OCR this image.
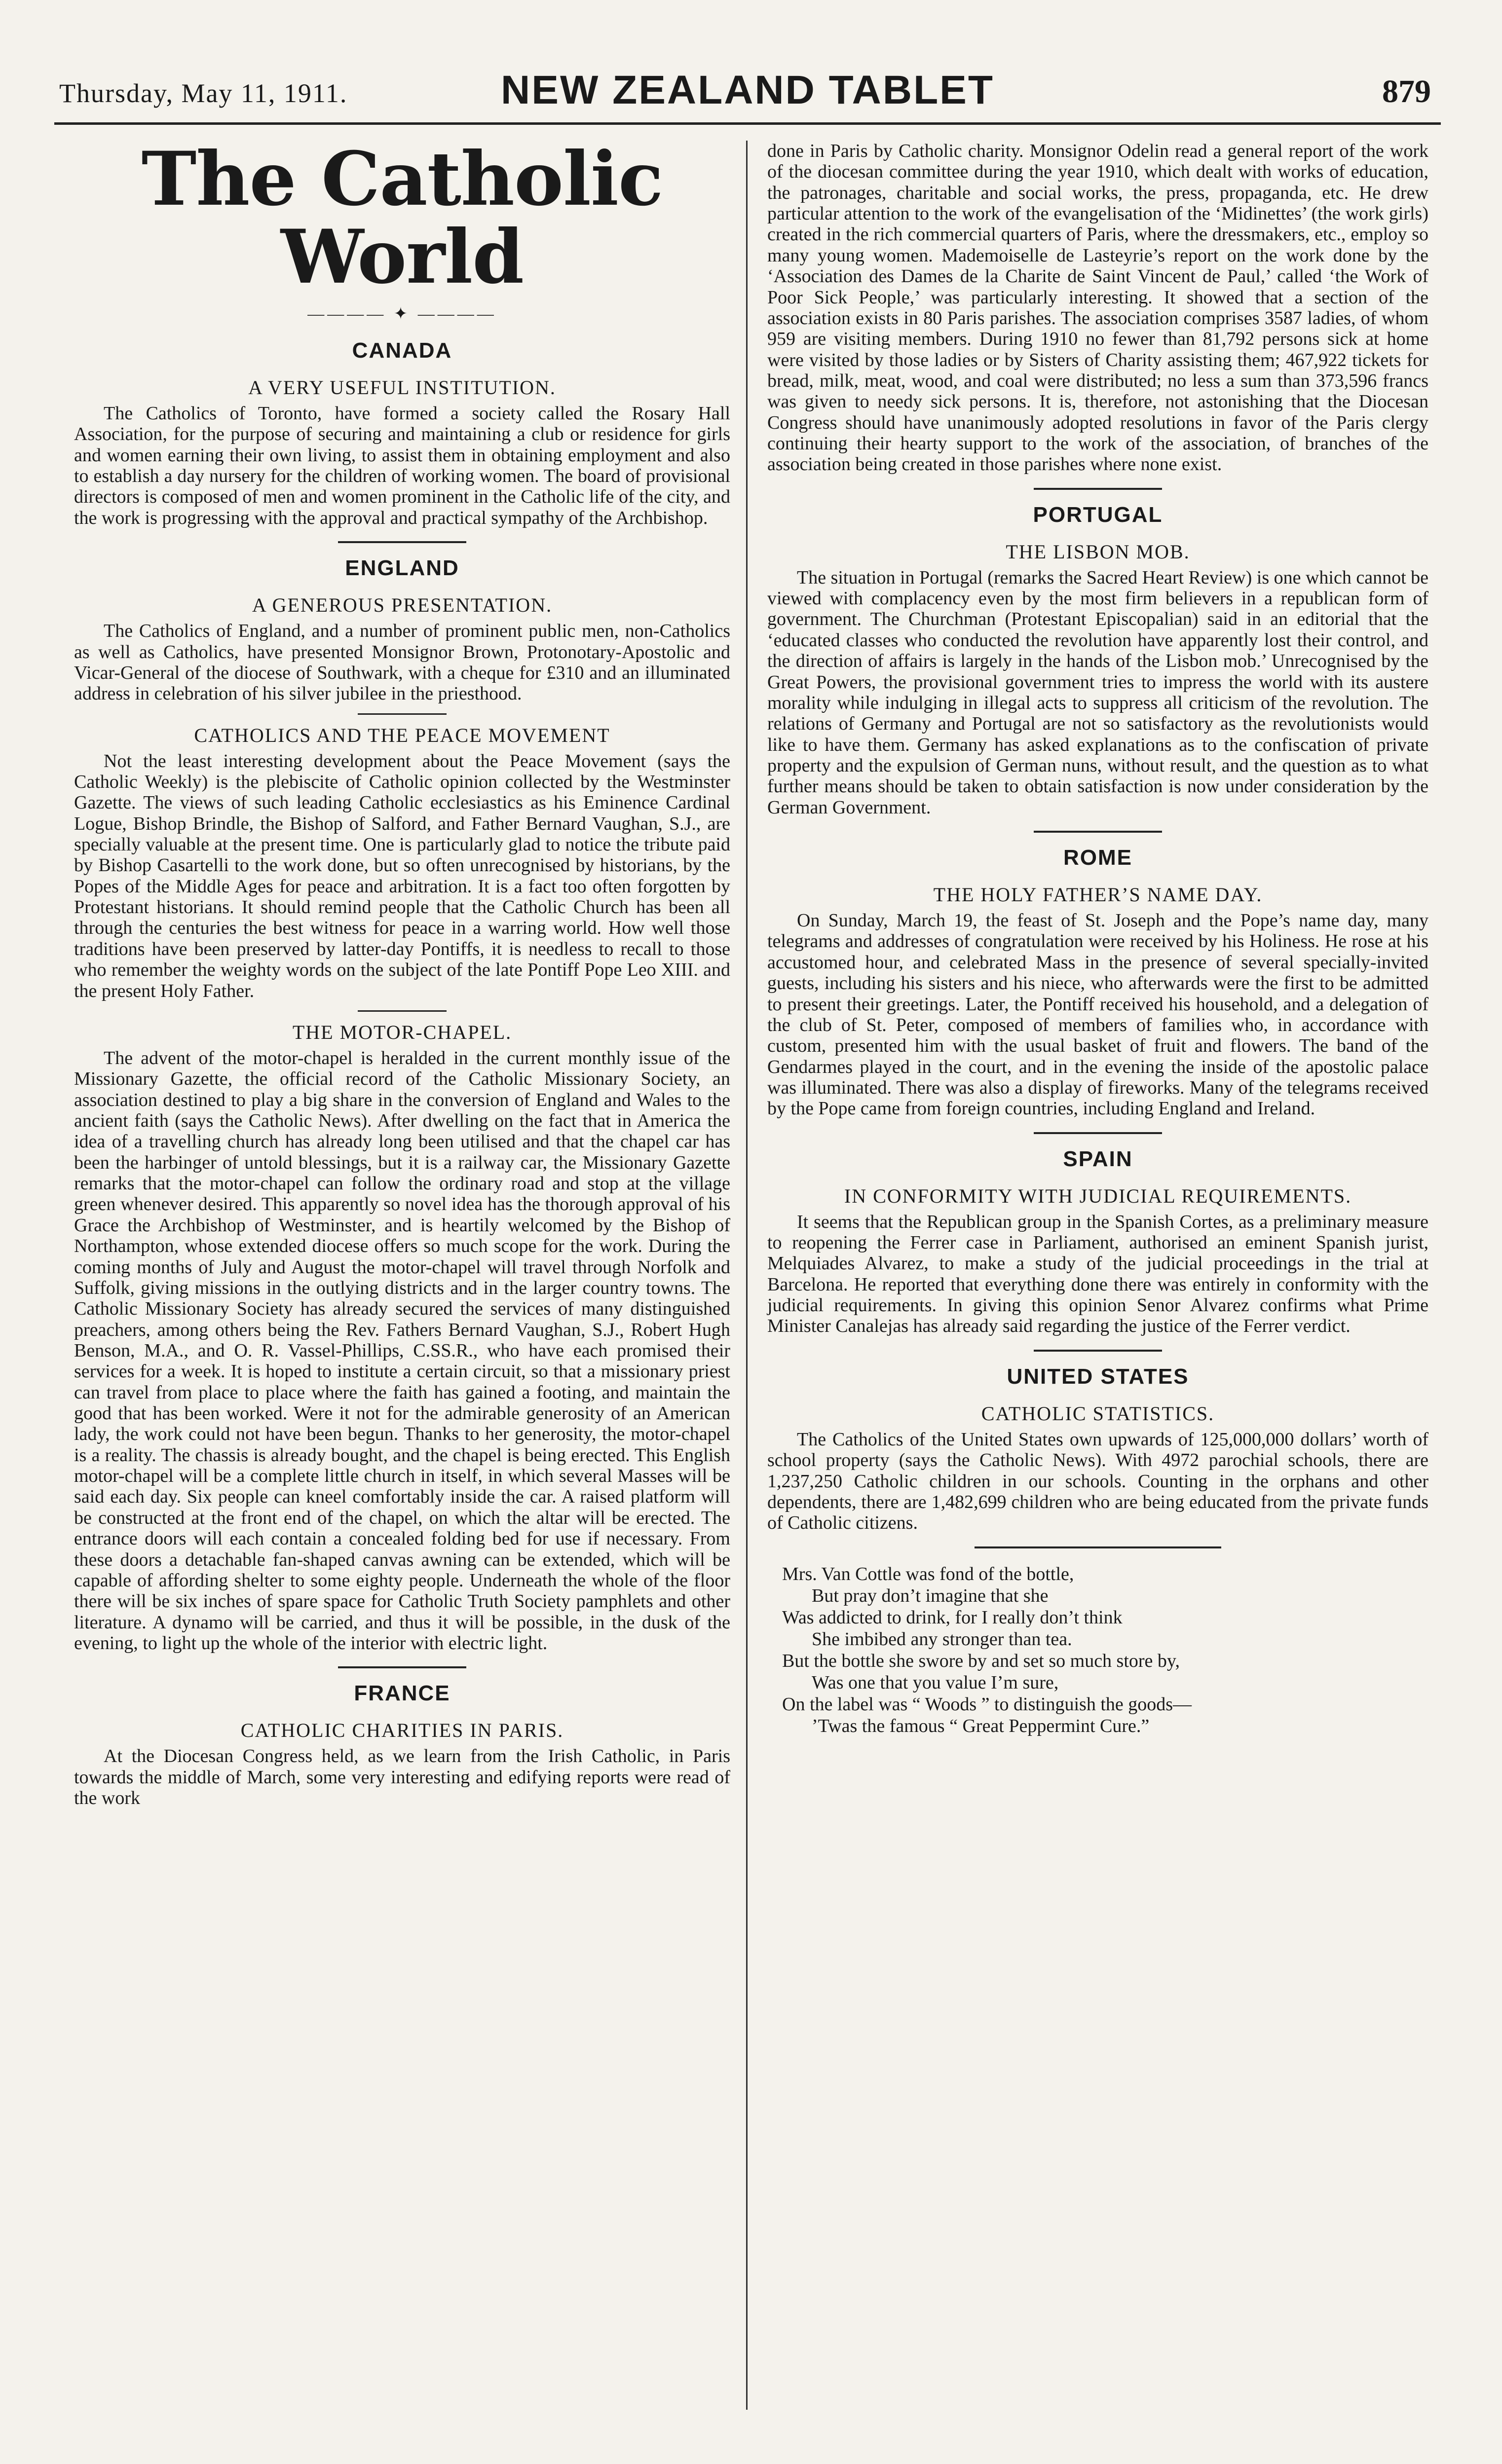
Thursday, May 11, 1911.	NEW ZEALAND TABLET	879
The Catholic World
———— ✦ ————
CANADA
A VERY USEFUL INSTITUTION.

The Catholics of Toronto, have formed a society called the Rosary Hall Association, for the purpose of securing and maintaining a club or residence for girls and women earning their own living, to assist them in obtaining employment and also to establish a day nursery for the children of working women. The board of provisional directors is composed of men and women prominent in the Catholic life of the city, and the work is progressing with the approval and practical sympathy of the Archbishop.

ENGLAND
A GENEROUS PRESENTATION.

The Catholics of England, and a number of prominent public men, non-Catholics as well as Catholics, have presented Monsignor Brown, Protonotary-Apostolic and Vicar-General of the diocese of Southwark, with a cheque for £310 and an illuminated address in celebration of his silver jubilee in the priesthood.

CATHOLICS AND THE PEACE MOVEMENT

Not the least interesting development about the Peace Movement (says the Catholic Weekly) is the plebiscite of Catholic opinion collected by the Westminster Gazette. The views of such leading Catholic ecclesiastics as his Eminence Cardinal Logue, Bishop Brindle, the Bishop of Salford, and Father Bernard Vaughan, S.J., are specially valuable at the present time. One is particularly glad to notice the tribute paid by Bishop Casartelli to the work done, but so often unrecognised by historians, by the Popes of the Middle Ages for peace and arbitration. It is a fact too often forgotten by Protestant historians. It should remind people that the Catholic Church has been all through the centuries the best witness for peace in a warring world. How well those traditions have been preserved by latter-day Pontiffs, it is needless to recall to those who remember the weighty words on the subject of the late Pontiff Pope Leo XIII. and the present Holy Father.

THE MOTOR-CHAPEL.

The advent of the motor-chapel is heralded in the current monthly issue of the Missionary Gazette, the official record of the Catholic Missionary Society, an association destined to play a big share in the conversion of England and Wales to the ancient faith (says the Catholic News). After dwelling on the fact that in America the idea of a travelling church has already long been utilised and that the chapel car has been the harbinger of untold blessings, but it is a railway car, the Missionary Gazette remarks that the motor-chapel can follow the ordinary road and stop at the village green whenever desired. This apparently so novel idea has the thorough approval of his Grace the Archbishop of Westminster, and is heartily welcomed by the Bishop of Northampton, whose extended diocese offers so much scope for the work. During the coming months of July and August the motor-chapel will travel through Norfolk and Suffolk, giving missions in the outlying districts and in the larger country towns. The Catholic Missionary Society has already secured the services of many distinguished preachers, among others being the Rev. Fathers Bernard Vaughan, S.J., Robert Hugh Benson, M.A., and O. R. Vassel-Phillips, C.SS.R., who have each promised their services for a week. It is hoped to institute a certain circuit, so that a missionary priest can travel from place to place where the faith has gained a footing, and maintain the good that has been worked. Were it not for the admirable generosity of an American lady, the work could not have been begun. Thanks to her generosity, the motor-chapel is a reality. The chassis is already bought, and the chapel is being erected. This English motor-chapel will be a complete little church in itself, in which several Masses will be said each day. Six people can kneel comfortably inside the car. A raised platform will be constructed at the front end of the chapel, on which the altar will be erected. The entrance doors will each contain a concealed folding bed for use if necessary. From these doors a detachable fan-shaped canvas awning can be extended, which will be capable of affording shelter to some eighty people. Underneath the whole of the floor there will be six inches of spare space for Catholic Truth Society pamphlets and other literature. A dynamo will be carried, and thus it will be possible, in the dusk of the evening, to light up the whole of the interior with electric light.

FRANCE
CATHOLIC CHARITIES IN PARIS.

At the Diocesan Congress held, as we learn from the Irish Catholic, in Paris towards the middle of March, some very interesting and edifying reports were read of the work

done in Paris by Catholic charity. Monsignor Odelin read a general report of the work of the diocesan committee during the year 1910, which dealt with works of education, the patronages, charitable and social works, the press, propaganda, etc. He drew particular attention to the work of the evangelisation of the ‘Midinettes’ (the work girls) created in the rich commercial quarters of Paris, where the dressmakers, etc., employ so many young women. Mademoiselle de Lasteyrie’s report on the work done by the ‘Association des Dames de la Charite de Saint Vincent de Paul,’ called ‘the Work of Poor Sick People,’ was particularly interesting. It showed that a section of the association exists in 80 Paris parishes. The association comprises 3587 ladies, of whom 959 are visiting members. During 1910 no fewer than 81,792 persons sick at home were visited by those ladies or by Sisters of Charity assisting them; 467,922 tickets for bread, milk, meat, wood, and coal were distributed; no less a sum than 373,596 francs was given to needy sick persons. It is, therefore, not astonishing that the Diocesan Congress should have unanimously adopted resolutions in favor of the Paris clergy continuing their hearty support to the work of the association, of branches of the association being created in those parishes where none exist.

PORTUGAL
THE LISBON MOB.

The situation in Portugal (remarks the Sacred Heart Review) is one which cannot be viewed with complacency even by the most firm believers in a republican form of government. The Churchman (Protestant Episcopalian) said in an editorial that the ‘educated classes who conducted the revolution have apparently lost their control, and the direction of affairs is largely in the hands of the Lisbon mob.’ Unrecognised by the Great Powers, the provisional government tries to impress the world with its austere morality while indulging in illegal acts to suppress all criticism of the revolution. The relations of Germany and Portugal are not so satisfactory as the revolutionists would like to have them. Germany has asked explanations as to the confiscation of private property and the expulsion of German nuns, without result, and the question as to what further means should be taken to obtain satisfaction is now under consideration by the German Government.

ROME
THE HOLY FATHER’S NAME DAY.

On Sunday, March 19, the feast of St. Joseph and the Pope’s name day, many telegrams and addresses of congratulation were received by his Holiness. He rose at his accustomed hour, and celebrated Mass in the presence of several specially-invited guests, including his sisters and his niece, who afterwards were the first to be admitted to present their greetings. Later, the Pontiff received his household, and a delegation of the club of St. Peter, composed of members of families who, in accordance with custom, presented him with the usual basket of fruit and flowers. The band of the Gendarmes played in the court, and in the evening the inside of the apostolic palace was illuminated. There was also a display of fireworks. Many of the telegrams received by the Pope came from foreign countries, including England and Ireland.

SPAIN
IN CONFORMITY WITH JUDICIAL REQUIREMENTS.

It seems that the Republican group in the Spanish Cortes, as a preliminary measure to reopening the Ferrer case in Parliament, authorised an eminent Spanish jurist, Melquiades Alvarez, to make a study of the judicial proceedings in the trial at Barcelona. He reported that everything done there was entirely in conformity with the judicial requirements. In giving this opinion Senor Alvarez confirms what Prime Minister Canalejas has already said regarding the justice of the Ferrer verdict.

UNITED STATES
CATHOLIC STATISTICS.

The Catholics of the United States own upwards of 125,000,000 dollars’ worth of school property (says the Catholic News). With 4972 parochial schools, there are 1,237,250 Catholic children in our schools. Counting in the orphans and other dependents, there are 1,482,699 children who are being educated from the private funds of Catholic citizens.

Mrs. Van Cottle was fond of the bottle,
But pray don’t imagine that she
Was addicted to drink, for I really don’t think
She imbibed any stronger than tea.
But the bottle she swore by and set so much store by,
Was one that you value I’m sure,
On the label was “ Woods ” to distinguish the goods—
’Twas the famous “ Great Peppermint Cure.”
